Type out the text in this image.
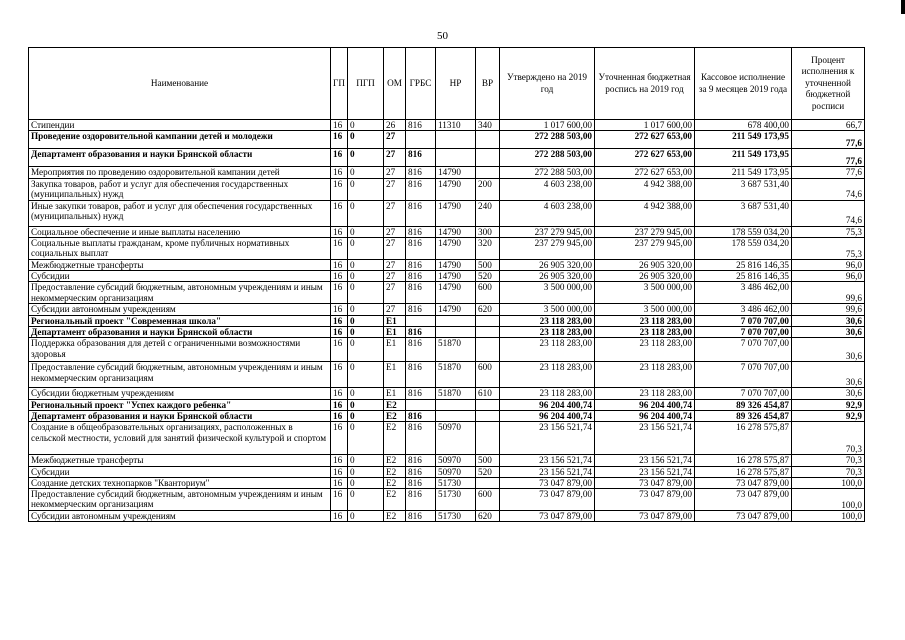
50
Наименование	ГП	ПГП	ОМ	ГРБС	НР	ВР	Утверждено на 2019 год	Уточненная бюджетная роспись на 2019 год	Кассовое исполнение за 9 месяцев 2019 года	Процент исполнения к уточненной бюджетной росписи
Стипендии	16	0	26	816	11310	340	1 017 600,00	1 017 600,00	678 400,00	66,7
Проведение оздоровительной кампании детей и молодежи	16	0	27				272 288 503,00	272 627 653,00	211 549 173,95	77,6
Департамент образования и науки Брянской области	16	0	27	816			272 288 503,00	272 627 653,00	211 549 173,95	77,6
Мероприятия по проведению оздоровительной кампании детей	16	0	27	816	14790		272 288 503,00	272 627 653,00	211 549 173,95	77,6
Закупка товаров, работ и услуг для обеспечения государственных (муниципальных) нужд	16	0	27	816	14790	200	4 603 238,00	4 942 388,00	3 687 531,40	74,6
Иные закупки товаров, работ и услуг для обеспечения государственных (муниципальных) нужд	16	0	27	816	14790	240	4 603 238,00	4 942 388,00	3 687 531,40	74,6
Социальное обеспечение и иные выплаты населению	16	0	27	816	14790	300	237 279 945,00	237 279 945,00	178 559 034,20	75,3
Социальные выплаты гражданам, кроме публичных нормативных социальных выплат	16	0	27	816	14790	320	237 279 945,00	237 279 945,00	178 559 034,20	75,3
Межбюджетные трансферты	16	0	27	816	14790	500	26 905 320,00	26 905 320,00	25 816 146,35	96,0
Субсидии	16	0	27	816	14790	520	26 905 320,00	26 905 320,00	25 816 146,35	96,0
Предоставление субсидий бюджетным, автономным учреждениям и иным некоммерческим организациям	16	0	27	816	14790	600	3 500 000,00	3 500 000,00	3 486 462,00	99,6
Субсидии автономным учреждениям	16	0	27	816	14790	620	3 500 000,00	3 500 000,00	3 486 462,00	99,6
Региональный проект "Современная школа"	16	0	E1				23 118 283,00	23 118 283,00	7 070 707,00	30,6
Департамент образования и науки Брянской области	16	0	E1	816			23 118 283,00	23 118 283,00	7 070 707,00	30,6
Поддержка образования для детей с ограниченными возможностями здоровья	16	0	E1	816	51870		23 118 283,00	23 118 283,00	7 070 707,00	30,6
Предоставление субсидий бюджетным, автономным учреждениям и иным некоммерческим организациям	16	0	E1	816	51870	600	23 118 283,00	23 118 283,00	7 070 707,00	30,6
Субсидии бюджетным учреждениям	16	0	E1	816	51870	610	23 118 283,00	23 118 283,00	7 070 707,00	30,6
Региональный проект "Успех каждого ребенка"	16	0	E2				96 204 400,74	96 204 400,74	89 326 454,87	92,9
Департамент образования и науки Брянской области	16	0	E2	816			96 204 400,74	96 204 400,74	89 326 454,87	92,9
Создание в общеобразовательных организациях, расположенных в сельской местности, условий для занятий физической культурой и спортом	16	0	E2	816	50970		23 156 521,74	23 156 521,74	16 278 575,87	70,3
Межбюджетные трансферты	16	0	E2	816	50970	500	23 156 521,74	23 156 521,74	16 278 575,87	70,3
Субсидии	16	0	E2	816	50970	520	23 156 521,74	23 156 521,74	16 278 575,87	70,3
Создание детских технопарков "Кванториум"	16	0	E2	816	51730		73 047 879,00	73 047 879,00	73 047 879,00	100,0
Предоставление субсидий бюджетным, автономным учреждениям и иным некоммерческим организациям	16	0	E2	816	51730	600	73 047 879,00	73 047 879,00	73 047 879,00	100,0
Субсидии автономным учреждениям	16	0	E2	816	51730	620	73 047 879,00	73 047 879,00	73 047 879,00	100,0
